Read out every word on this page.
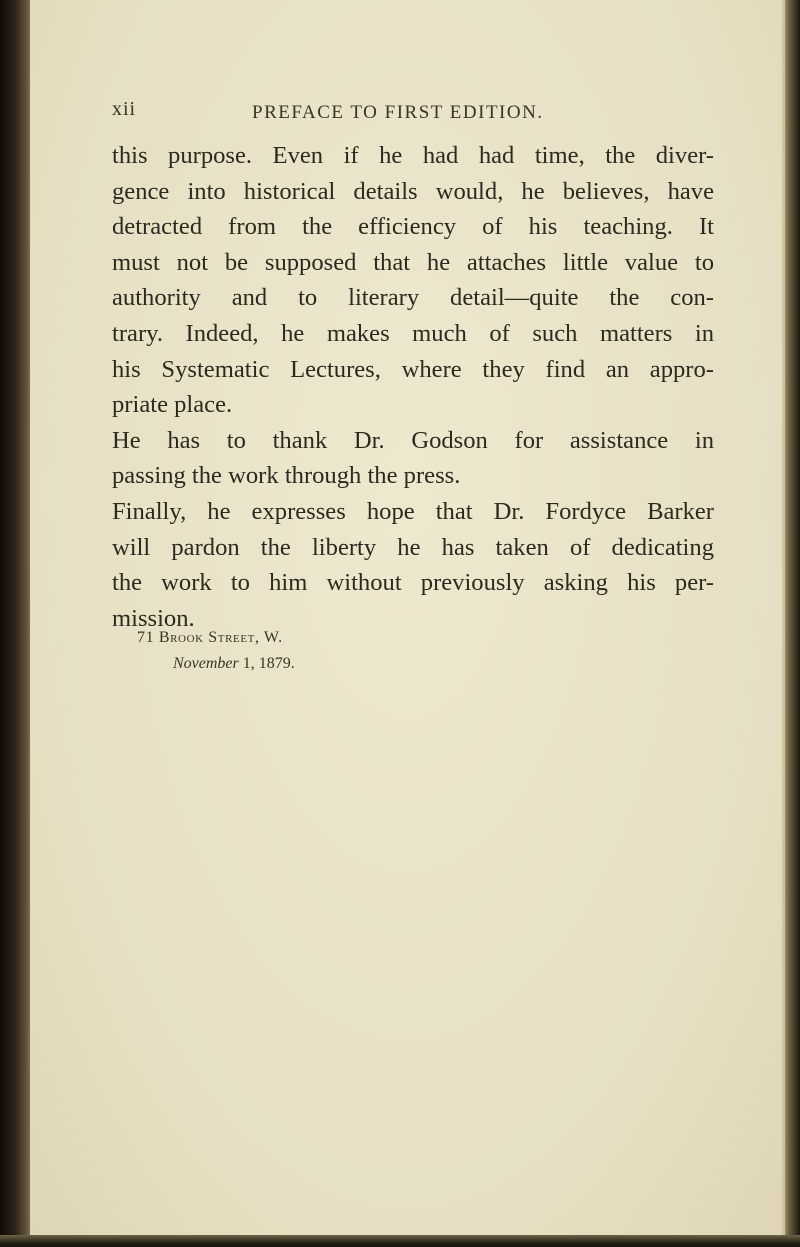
xii	PREFACE TO FIRST EDITION.
this purpose. Even if he had had time, the diver-
gence into historical details would, he believes, have
detracted from the efficiency of his teaching. It
must not be supposed that he attaches little value to
authority and to literary detail—quite the con-
trary. Indeed, he makes much of such matters in
his Systematic Lectures, where they find an appro-
priate place.
He has to thank Dr. Godson for assistance in
passing the work through the press.
Finally, he expresses hope that Dr. Fordyce Barker
will pardon the liberty he has taken of dedicating
the work to him without previously asking his per-
mission.
71 Brook Street, W.
November 1, 1879.
